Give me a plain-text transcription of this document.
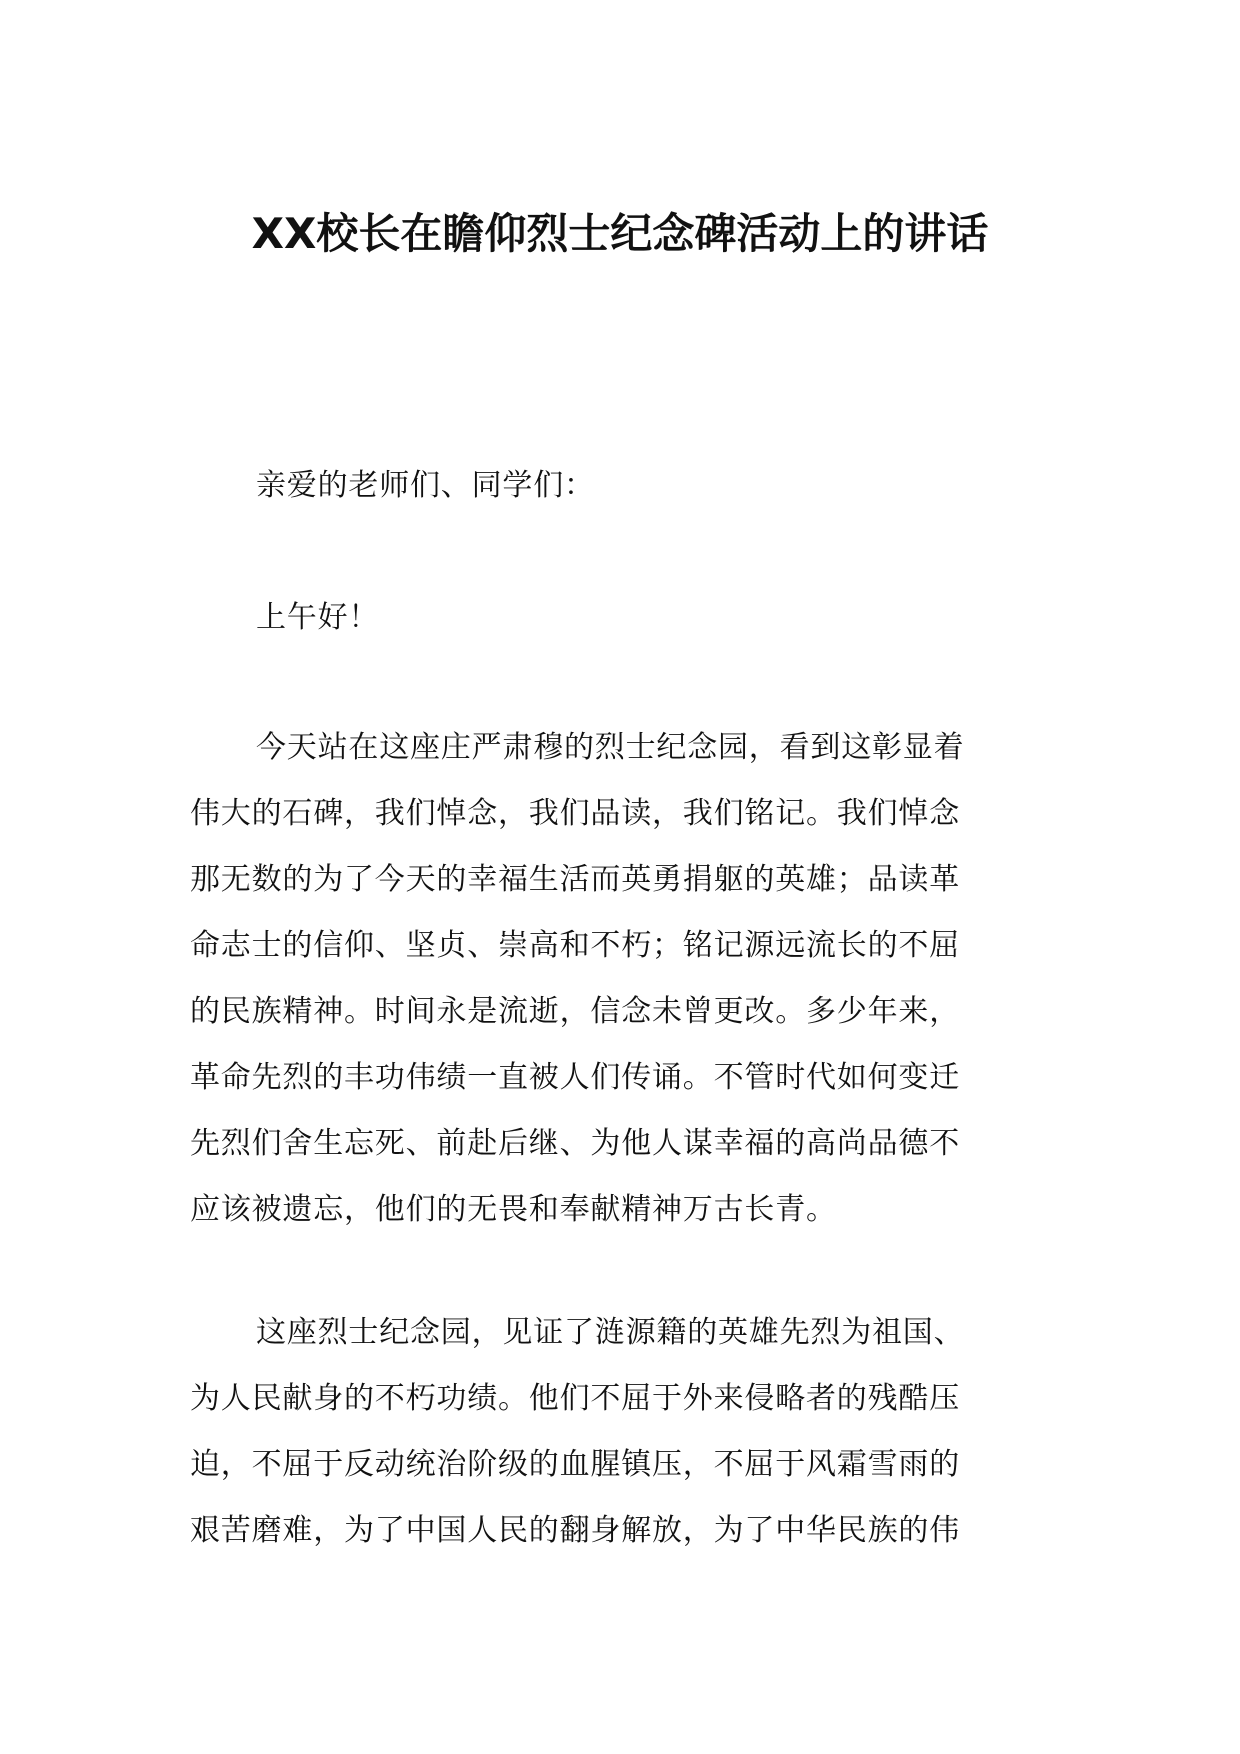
XX校长在瞻仰烈士纪念碑活动上的讲话
亲爱的老师们、同学们：
上午好！
今天站在这座庄严肃穆的烈士纪念园，看到这彰显着
伟大的石碑，我们悼念，我们品读，我们铭记。我们悼念
那无数的为了今天的幸福生活而英勇捐躯的英雄；品读革
命志士的信仰、坚贞、崇高和不朽；铭记源远流长的不屈
的民族精神。时间永是流逝，信念未曾更改。多少年来，
革命先烈的丰功伟绩一直被人们传诵。不管时代如何变迁
先烈们舍生忘死、前赴后继、为他人谋幸福的高尚品德不
应该被遗忘，他们的无畏和奉献精神万古长青。
这座烈士纪念园，见证了涟源籍的英雄先烈为祖国、
为人民献身的不朽功绩。他们不屈于外来侵略者的残酷压
迫，不屈于反动统治阶级的血腥镇压，不屈于风霜雪雨的
艰苦磨难，为了中国人民的翻身解放，为了中华民族的伟
